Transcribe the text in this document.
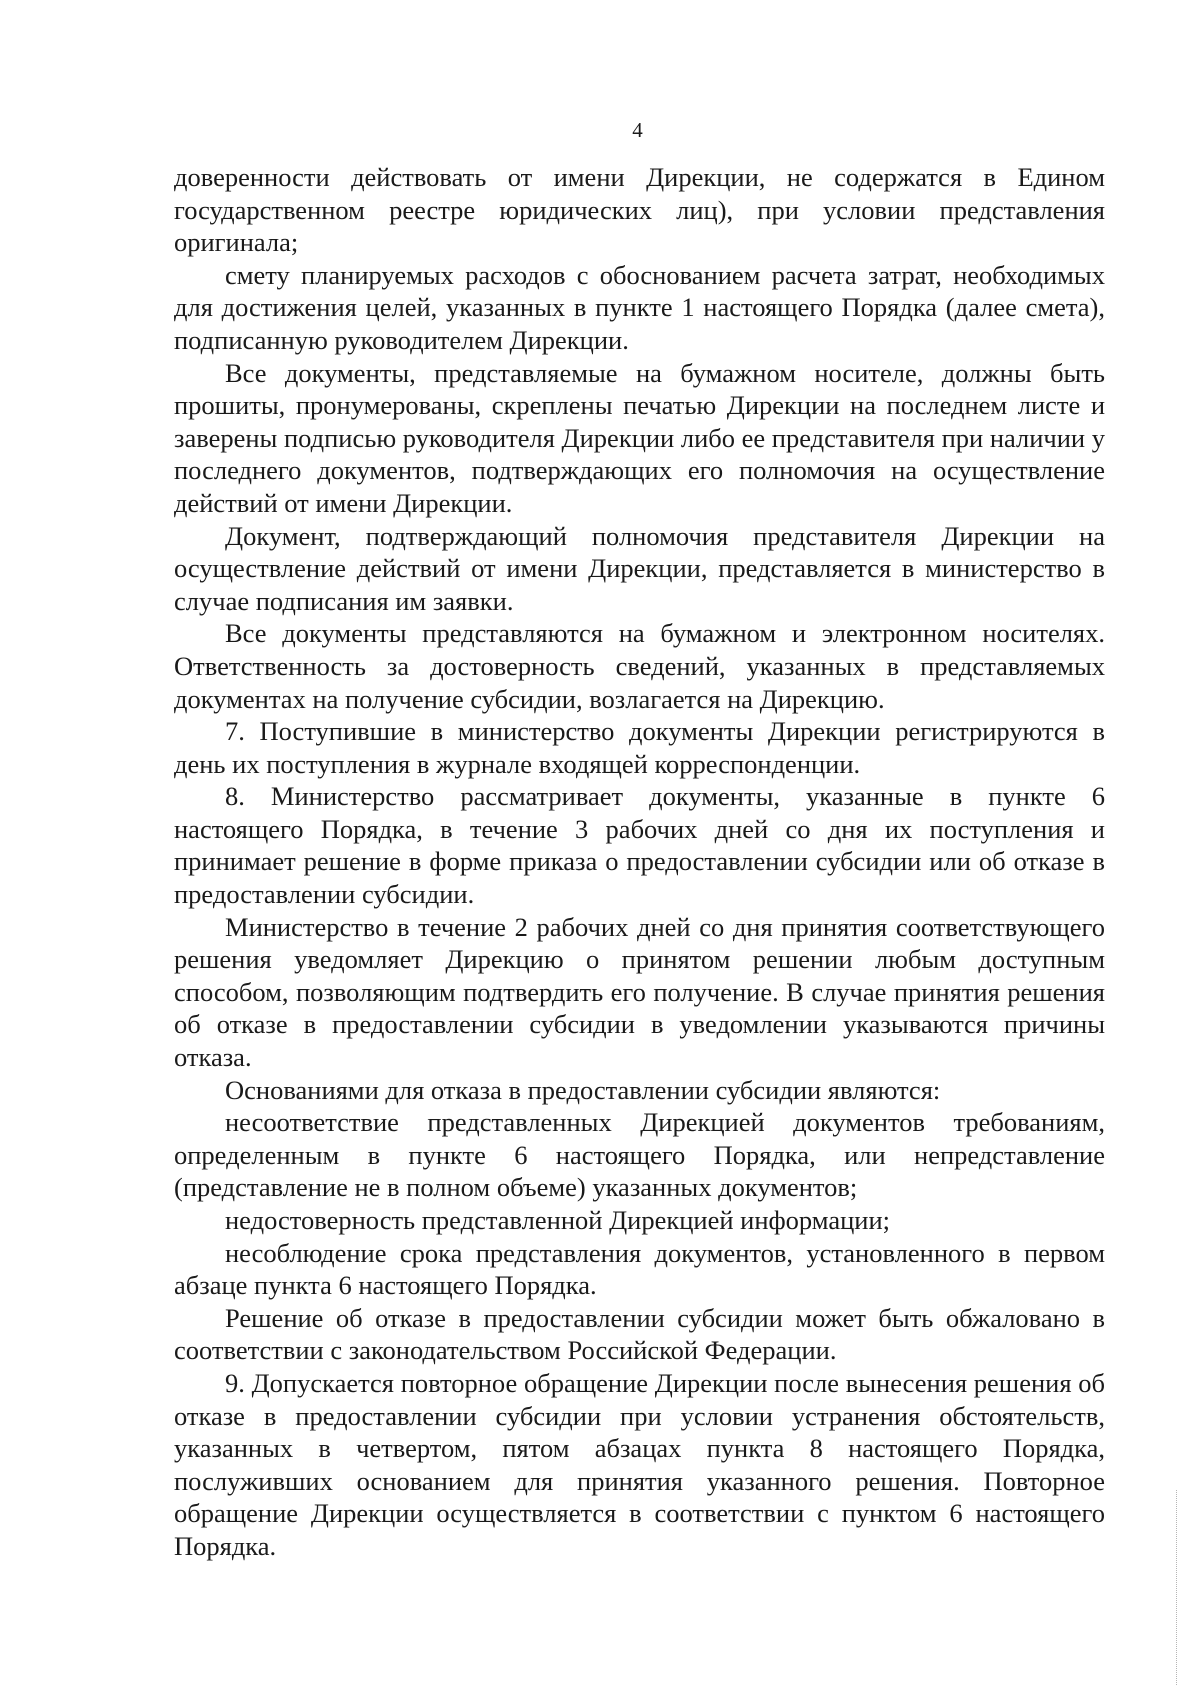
4

доверенности действовать от имени Дирекции, не содержатся в Едином государственном реестре юридических лиц), при условии представления оригинала;

смету планируемых расходов с обоснованием расчета затрат, необходимых для достижения целей, указанных в пункте 1 настоящего Порядка (далее смета), подписанную руководителем Дирекции.

Все документы, представляемые на бумажном носителе, должны быть прошиты, пронумерованы, скреплены печатью Дирекции на последнем листе и заверены подписью руководителя Дирекции либо ее представителя при наличии у последнего документов, подтверждающих его полномочия на осуществление действий от имени Дирекции.

Документ, подтверждающий полномочия представителя Дирекции на осуществление действий от имени Дирекции, представляется в министерство в случае подписания им заявки.

Все документы представляются на бумажном и электронном носителях. Ответственность за достоверность сведений, указанных в представляемых документах на получение субсидии, возлагается на Дирекцию.

7. Поступившие в министерство документы Дирекции регистрируются в день их поступления в журнале входящей корреспонденции.

8. Министерство рассматривает документы, указанные в пункте 6 настоящего Порядка, в течение 3 рабочих дней со дня их поступления и принимает решение в форме приказа о предоставлении субсидии или об отказе в предоставлении субсидии.

Министерство в течение 2 рабочих дней со дня принятия соответствующего решения уведомляет Дирекцию о принятом решении любым доступным способом, позволяющим подтвердить его получение. В случае принятия решения об отказе в предоставлении субсидии в уведомлении указываются причины отказа.

Основаниями для отказа в предоставлении субсидии являются:

несоответствие представленных Дирекцией документов требованиям, определенным в пункте 6 настоящего Порядка, или непредставление (представление не в полном объеме) указанных документов;

недостоверность представленной Дирекцией информации;

несоблюдение срока представления документов, установленного в первом абзаце пункта 6 настоящего Порядка.

Решение об отказе в предоставлении субсидии может быть обжаловано в соответствии с законодательством Российской Федерации.

9. Допускается повторное обращение Дирекции после вынесения решения об отказе в предоставлении субсидии при условии устранения обстоятельств, указанных в четвертом, пятом абзацах пункта 8 настоящего Порядка, послуживших основанием для принятия указанного решения. Повторное обращение Дирекции осуществляется в соответствии с пунктом 6 настоящего Порядка.
